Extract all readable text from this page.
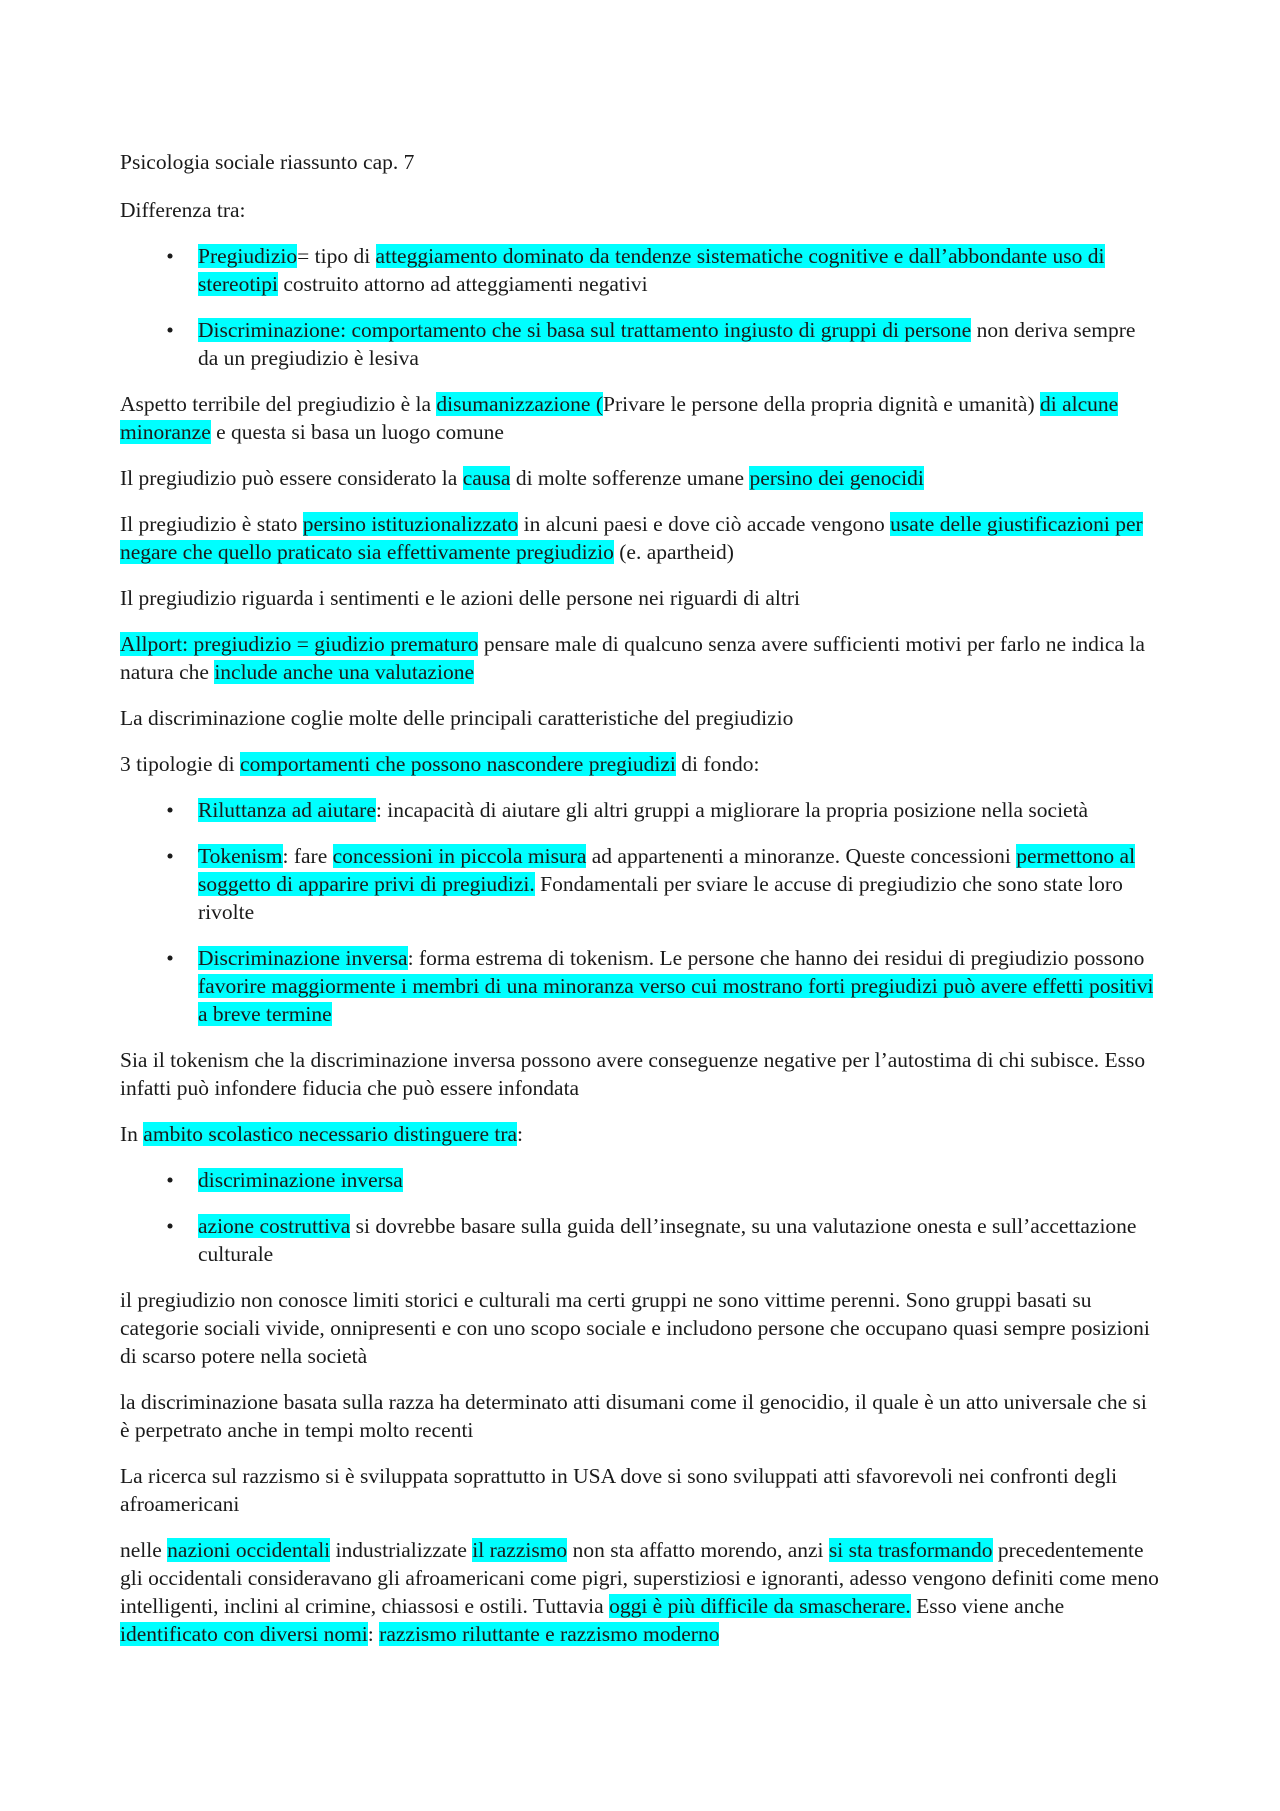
Psicologia sociale riassunto cap. 7

Differenza tra:

• Pregiudizio= tipo di atteggiamento dominato da tendenze sistematiche cognitive e dall’abbondante uso di stereotipi costruito attorno ad atteggiamenti negativi
• Discriminazione: comportamento che si basa sul trattamento ingiusto di gruppi di persone non deriva sempre da un pregiudizio è lesiva

Aspetto terribile del pregiudizio è la disumanizzazione (Privare le persone della propria dignità e umanità) di alcune minoranze e questa si basa un luogo comune

Il pregiudizio può essere considerato la causa di molte sofferenze umane persino dei genocidi

Il pregiudizio è stato persino istituzionalizzato in alcuni paesi e dove ciò accade vengono usate delle giustificazioni per negare che quello praticato sia effettivamente pregiudizio (e. apartheid)

Il pregiudizio riguarda i sentimenti e le azioni delle persone nei riguardi di altri

Allport: pregiudizio = giudizio prematuro pensare male di qualcuno senza avere sufficienti motivi per farlo ne indica la natura che include anche una valutazione

La discriminazione coglie molte delle principali caratteristiche del pregiudizio

3 tipologie di comportamenti che possono nascondere pregiudizi di fondo:

• Riluttanza ad aiutare: incapacità di aiutare gli altri gruppi a migliorare la propria posizione nella società
• Tokenism: fare concessioni in piccola misura ad appartenenti a minoranze. Queste concessioni permettono al soggetto di apparire privi di pregiudizi. Fondamentali per sviare le accuse di pregiudizio che sono state loro rivolte
• Discriminazione inversa: forma estrema di tokenism. Le persone che hanno dei residui di pregiudizio possono favorire maggiormente i membri di una minoranza verso cui mostrano forti pregiudizi può avere effetti positivi a breve termine

Sia il tokenism che la discriminazione inversa possono avere conseguenze negative per l’autostima di chi subisce. Esso infatti può infondere fiducia che può essere infondata

In ambito scolastico necessario distinguere tra:

• discriminazione inversa
• azione costruttiva si dovrebbe basare sulla guida dell’insegnate, su una valutazione onesta e sull’accettazione culturale

il pregiudizio non conosce limiti storici e culturali ma certi gruppi ne sono vittime perenni. Sono gruppi basati su categorie sociali vivide, onnipresenti e con uno scopo sociale e includono persone che occupano quasi sempre posizioni di scarso potere nella società

la discriminazione basata sulla razza ha determinato atti disumani come il genocidio, il quale è un atto universale che si è perpetrato anche in tempi molto recenti

La ricerca sul razzismo si è sviluppata soprattutto in USA dove si sono sviluppati atti sfavorevoli nei confronti degli afroamericani

nelle nazioni occidentali industrializzate il razzismo non sta affatto morendo, anzi si sta trasformando precedentemente gli occidentali consideravano gli afroamericani come pigri, superstiziosi e ignoranti, adesso vengono definiti come meno intelligenti, inclini al crimine, chiassosi e ostili. Tuttavia oggi è più difficile da smascherare. Esso viene anche identificato con diversi nomi: razzismo riluttante e razzismo moderno
